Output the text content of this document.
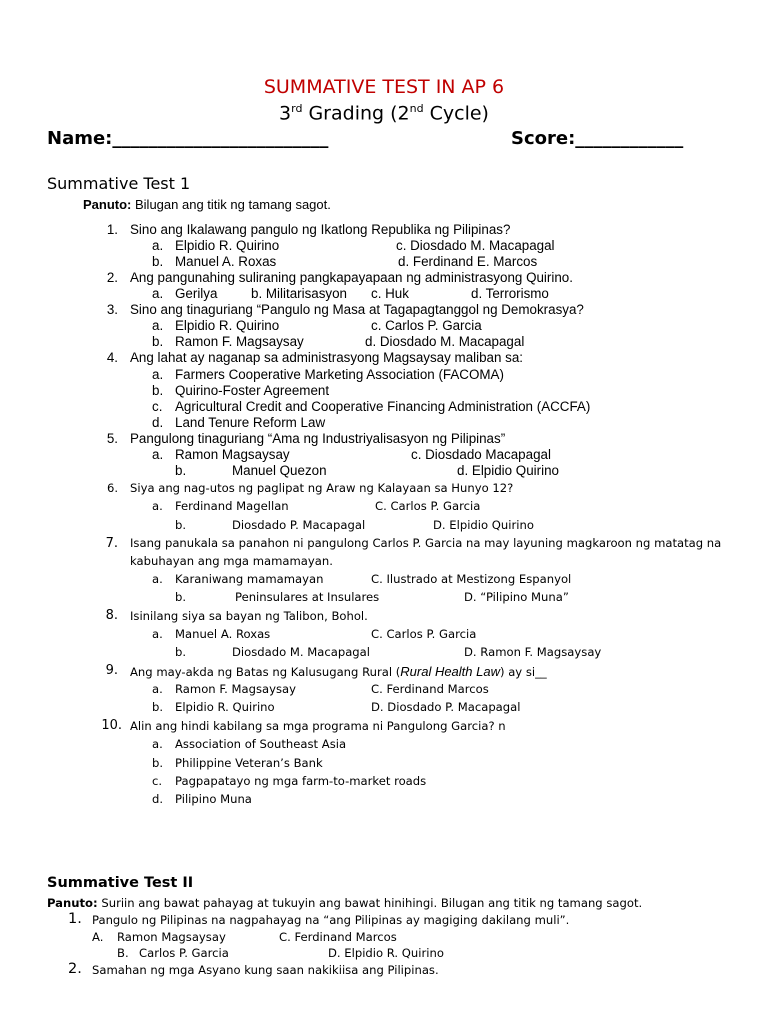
SUMMATIVE TEST IN AP 6
3rd Grading (2nd Cycle)
Name:________________________	Score:____________
Summative Test 1
Panuto: Bilugan ang titik ng tamang sagot.
1. Sino ang Ikalawang pangulo ng Ikatlong Republika ng Pilipinas?
a. Elpidio R. Quirino	c. Diosdado M. Macapagal
b. Manuel A. Roxas	d. Ferdinand E. Marcos
2. Ang pangunahing suliraning pangkapayapaan ng administrasyong Quirino.
a. Gerilya	b. Militarisasyon c. Huk	d. Terrorismo
3. Sino ang tinaguriang “Pangulo ng Masa at Tagapagtanggol ng Demokrasya?
a. Elpidio R. Quirino	c. Carlos P. Garcia
b. Ramon F. Magsaysay	d. Diosdado M. Macapagal
4. Ang lahat ay naganap sa administrasyong Magsaysay maliban sa:
a. Farmers Cooperative Marketing Association (FACOMA)
b. Quirino-Foster Agreement
c. Agricultural Credit and Cooperative Financing Administration (ACCFA)
d. Land Tenure Reform Law
5. Pangulong tinaguriang “Ama ng Industriyalisasyon ng Pilipinas”
a. Ramon Magsaysay	c. Diosdado Macapagal
b.	Manuel Quezon	d. Elpidio Quirino
6. Siya ang nag-utos ng paglipat ng Araw ng Kalayaan sa Hunyo 12?
a. Ferdinand Magellan	C. Carlos P. Garcia
b.	Diosdado P. Macapagal	D. Elpidio Quirino
7. Isang panukala sa panahon ni pangulong Carlos P. Garcia na may layuning magkaroon ng matatag na
kabuhayan ang mga mamamayan.
a. Karaniwang mamamayan	C. Ilustrado at Mestizong Espanyol
b.	Peninsulares at Insulares	D. “Pilipino Muna”
8. Isinilang siya sa bayan ng Talibon, Bohol.
a. Manuel A. Roxas	C. Carlos P. Garcia
b.	Diosdado M. Macapagal	D. Ramon F. Magsaysay
9. Ang may-akda ng Batas ng Kalusugang Rural (Rural Health Law) ay si__
a. Ramon F. Magsaysay	C. Ferdinand Marcos
b. Elpidio R. Quirino	D. Diosdado P. Macapagal
10. Alin ang hindi kabilang sa mga programa ni Pangulong Garcia? n
a. Association of Southeast Asia
b. Philippine Veteran’s Bank
c. Pagpapatayo ng mga farm-to-market roads
d. Pilipino Muna
Summative Test II
Panuto: Suriin ang bawat pahayag at tukuyin ang bawat hinihingi. Bilugan ang titik ng tamang sagot.
1. Pangulo ng Pilipinas na nagpahayag na “ang Pilipinas ay magiging dakilang muli”.
A. Ramon Magsaysay	C. Ferdinand Marcos
B. Carlos P. Garcia	D. Elpidio R. Quirino
2. Samahan ng mga Asyano kung saan nakikiisa ang Pilipinas.
